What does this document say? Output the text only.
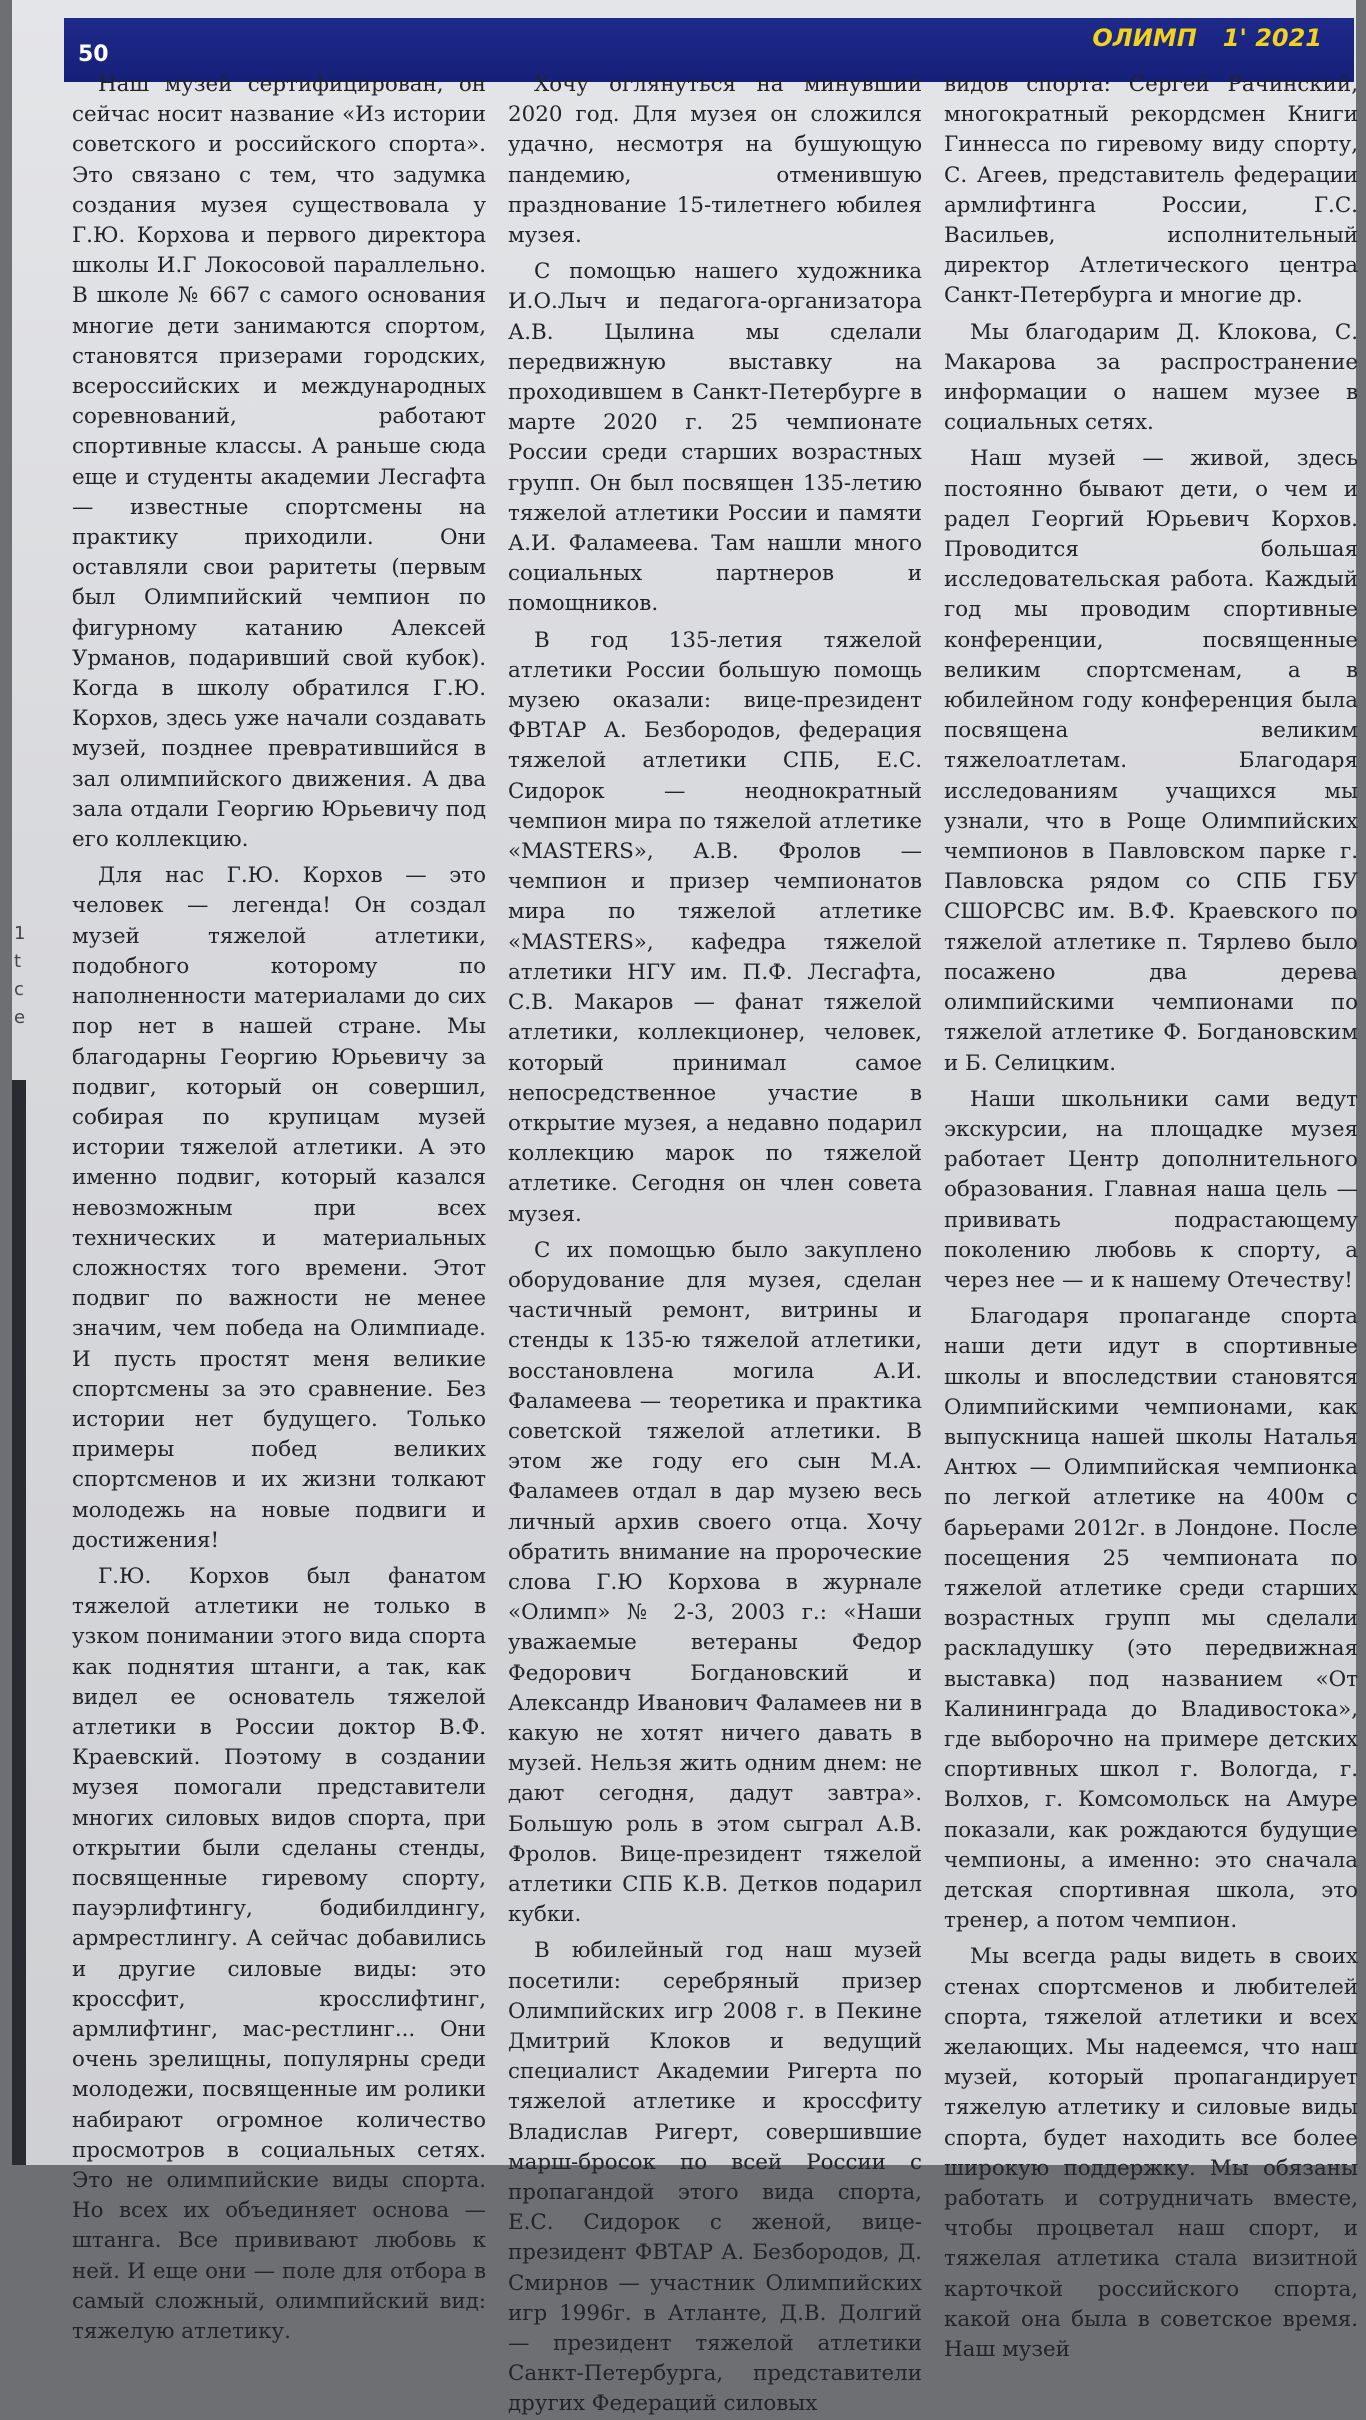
50
ОЛИМП 1' 2021

Наш музей сертифицирован, он сейчас носит название «Из истории советского и российского спорта». Это связано с тем, что задумка создания музея существовала у Г.Ю. Корхова и первого директора школы И.Г Локосовой параллельно. В школе № 667 с самого основания многие дети занимаются спортом, становятся призерами городских, всероссийских и международных соревнований, работают спортивные классы. А раньше сюда еще и студенты академии Лесгафта — известные спортсмены на практику приходили. Они оставляли свои раритеты (первым был Олимпийский чемпион по фигурному катанию Алексей Урманов, подаривший свой кубок). Когда в школу обратился Г.Ю. Корхов, здесь уже начали создавать музей, позднее превратившийся в зал олимпийского движения. А два зала отдали Георгию Юрьевичу под его коллекцию.

Для нас Г.Ю. Корхов — это человек — легенда! Он создал музей тяжелой атлетики, подобного которому по наполненности материалами до сих пор нет в нашей стране. Мы благодарны Георгию Юрьевичу за подвиг, который он совершил, собирая по крупицам музей истории тяжелой атлетики. А это именно подвиг, который казался невозможным при всех технических и материальных сложностях того времени. Этот подвиг по важности не менее значим, чем победа на Олимпиаде. И пусть простят меня великие спортсмены за это сравнение. Без истории нет будущего. Только примеры побед великих спортсменов и их жизни толкают молодежь на новые подвиги и достижения!

Г.Ю. Корхов был фанатом тяжелой атлетики не только в узком понимании этого вида спорта как поднятия штанги, а так, как видел ее основатель тяжелой атлетики в России доктор В.Ф. Краевский. Поэтому в создании музея помогали представители многих силовых видов спорта, при открытии были сделаны стенды, посвященные гиревому спорту, пауэрлифтингу, бодибилдингу, армрестлингу. А сейчас добавились и другие силовые виды: это кроссфит, кросслифтинг, армлифтинг, мас-рестлинг... Они очень зрелищны, популярны среди молодежи, посвященные им ролики набирают огромное количество просмотров в социальных сетях. Это не олимпийские виды спорта. Но всех их объединяет основа — штанга. Все прививают любовь к ней. И еще они — поле для отбора в самый сложный, олимпийский вид: тяжелую атлетику.

Хочу оглянуться на минувший 2020 год. Для музея он сложился удачно, несмотря на бушующую пандемию, отменившую празднование 15-тилетнего юбилея музея.

С помощью нашего художника И.О.Лыч и педагога-организатора А.В. Цылина мы сделали передвижную выставку на проходившем в Санкт-Петербурге в марте 2020 г. 25 чемпионате России среди старших возрастных групп. Он был посвящен 135-летию тяжелой атлетики России и памяти А.И. Фаламеева. Там нашли много социальных партнеров и помощников.

В год 135-летия тяжелой атлетики России большую помощь музею оказали: вице-президент ФВТАР А. Безбородов, федерация тяжелой атлетики СПБ, Е.С. Сидорок — неоднократный чемпион мира по тяжелой атлетике «MASTERS», А.В. Фролов — чемпион и призер чемпионатов мира по тяжелой атлетике «MASTERS», кафедра тяжелой атлетики НГУ им. П.Ф. Лесгафта, С.В. Макаров — фанат тяжелой атлетики, коллекционер, человек, который принимал самое непосредственное участие в открытие музея, а недавно подарил коллекцию марок по тяжелой атлетике. Сегодня он член совета музея.

С их помощью было закуплено оборудование для музея, сделан частичный ремонт, витрины и стенды к 135-ю тяжелой атлетики, восстановлена могила А.И. Фаламеева — теоретика и практика советской тяжелой атлетики. В этом же году его сын М.А. Фаламеев отдал в дар музею весь личный архив своего отца. Хочу обратить внимание на пророческие слова Г.Ю Корхова в журнале «Олимп» № 2-3, 2003 г.: «Наши уважаемые ветераны Федор Федорович Богдановский и Александр Иванович Фаламеев ни в какую не хотят ничего давать в музей. Нельзя жить одним днем: не дают сегодня, дадут завтра». Большую роль в этом сыграл А.В. Фролов. Вице-президент тяжелой атлетики СПБ К.В. Детков подарил кубки.

В юбилейный год наш музей посетили: серебряный призер Олимпийских игр 2008 г. в Пекине Дмитрий Клоков и ведущий специалист Академии Ригерта по тяжелой атлетике и кроссфиту Владислав Ригерт, совершившие марш-бросок по всей России с пропагандой этого вида спорта, Е.С. Сидорок с женой, вице-президент ФВТАР А. Безбородов, Д. Смирнов — участник Олимпийских игр 1996г. в Атланте, Д.В. Долгий — президент тяжелой атлетики Санкт-Петербурга, представители других Федераций силовых

видов спорта: Сергей Рачинский, многократный рекордсмен Книги Гиннесса по гиревому виду спорту, С. Агеев, представитель федерации армлифтинга России, Г.С. Васильев, исполнительный директор Атлетического центра Санкт-Петербурга и многие др.

Мы благодарим Д. Клокова, С. Макарова за распространение информации о нашем музее в социальных сетях.

Наш музей — живой, здесь постоянно бывают дети, о чем и радел Георгий Юрьевич Корхов. Проводится большая исследовательская работа. Каждый год мы проводим спортивные конференции, посвященные великим спортсменам, а в юбилейном году конференция была посвящена великим тяжелоатлетам. Благодаря исследованиям учащихся мы узнали, что в Роще Олимпийских чемпионов в Павловском парке г. Павловска рядом со СПБ ГБУ СШОРСВС им. В.Ф. Краевского по тяжелой атлетике п. Тярлево было посажено два дерева олимпийскими чемпионами по тяжелой атлетике Ф. Богдановским и Б. Селицким.

Наши школьники сами ведут экскурсии, на площадке музея работает Центр дополнительного образования. Главная наша цель — прививать подрастающему поколению любовь к спорту, а через нее — и к нашему Отечеству!

Благодаря пропаганде спорта наши дети идут в спортивные школы и впоследствии становятся Олимпийскими чемпионами, как выпускница нашей школы Наталья Антюх — Олимпийская чемпионка по легкой атлетике на 400м с барьерами 2012г. в Лондоне. После посещения 25 чемпионата по тяжелой атлетике среди старших возрастных групп мы сделали раскладушку (это передвижная выставка) под названием «От Калининграда до Владивостока», где выборочно на примере детских спортивных школ г. Вологда, г. Волхов, г. Комсомольск на Амуре показали, как рождаются будущие чемпионы, а именно: это сначала детская спортивная школа, это тренер, а потом чемпион.

Мы всегда рады видеть в своих стенах спортсменов и любителей спорта, тяжелой атлетики и всех желающих. Мы надеемся, что наш музей, который пропагандирует тяжелую атлетику и силовые виды спорта, будет находить все более широкую поддержку. Мы обязаны работать и сотрудничать вместе, чтобы процветал наш спорт, и тяжелая атлетика стала визитной карточкой российского спорта, какой она была в советское время. Наш музей

1
t
c
e
